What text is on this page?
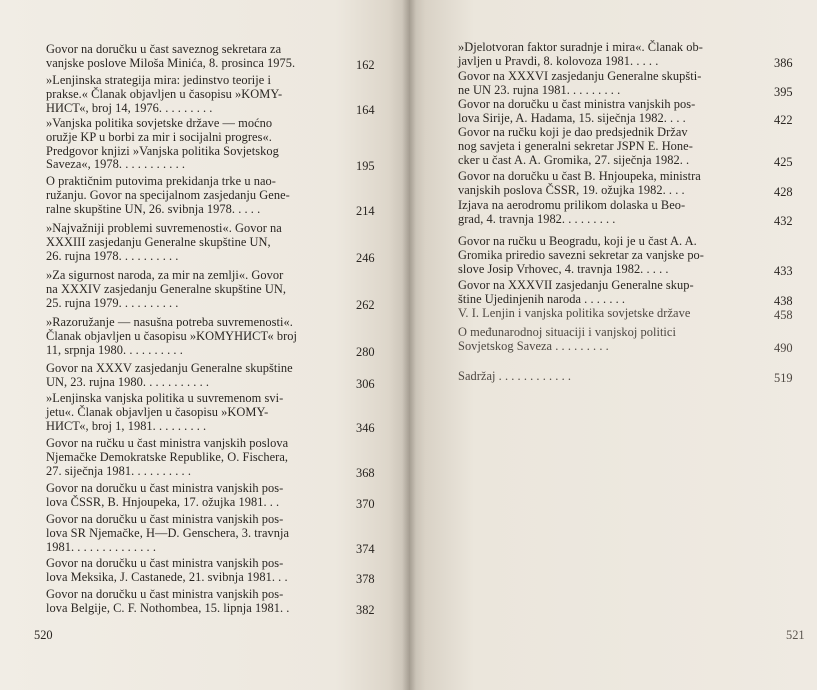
Govor na doručku u čast saveznog sekretara za
vanjske poslove Miloša Minića, 8. prosinca 1975.	162
»Lenjinska strategija mira: jedinstvo teorije i
prakse.« Članak objavljen u časopisu »KOMY-
НИСТ«, broj 14, 1976. . . . . . . . .	164
»Vanjska politika sovjetske države — moćno
oružje KP u borbi za mir i socijalni progres«.
Predgovor knjizi »Vanjska politika Sovjetskog
Saveza«, 1978. . . . . . . . . . .	195
O praktičnim putovima prekidanja trke u nao-
ružanju. Govor na specijalnom zasjedanju Gene-
ralne skupštine UN, 26. svibnja 1978. . . . .	214
»Najvažniji problemi suvremenosti«. Govor na
XXXIII zasjedanju Generalne skupštine UN,
26. rujna 1978. . . . . . . . . .	246
»Za sigurnost naroda, za mir na zemlji«. Govor
na XXXIV zasjedanju Generalne skupštine UN,
25. rujna 1979. . . . . . . . . .	262
»Razoružanje — nasušna potreba suvremenosti«.
Članak objavljen u časopisu »KOMYНИСТ« broj
11, srpnja 1980. . . . . . . . . .	280
Govor na XXXV zasjedanju Generalne skupštine
UN, 23. rujna 1980. . . . . . . . . . .	306
»Lenjinska vanjska politika u suvremenom svi-
jetu«. Članak objavljen u časopisu »KOMY-
НИСТ«, broj 1, 1981. . . . . . . . .	346
Govor na ručku u čast ministra vanjskih poslova
Njemačke Demokratske Republike, O. Fischera,
27. siječnja 1981. . . . . . . . . .	368
Govor na doručku u čast ministra vanjskih pos-
lova ČSSR, B. Hnjoupeka, 17. ožujka 1981. . .	370
Govor na doručku u čast ministra vanjskih pos-
lova SR Njemačke, H—D. Genschera, 3. travnja
1981. . . . . . . . . . . . . .	374
Govor na doručku u čast ministra vanjskih pos-
lova Meksika, J. Castanede, 21. svibnja 1981. . .	378
Govor na doručku u čast ministra vanjskih pos-
lova Belgije, C. F. Nothombea, 15. lipnja 1981. .	382
520
»Djelotvoran faktor suradnje i mira«. Članak ob-
javljen u Pravdi, 8. kolovoza 1981. . . . .	386
Govor na XXXVI zasjedanju Generalne skupšti-
ne UN 23. rujna 1981. . . . . . . . .	395
Govor na doručku u čast ministra vanjskih pos-
lova Sirije, A. Hadama, 15. siječnja 1982. . . .	422
Govor na ručku koji je dao predsjednik Držav
nog savjeta i generalni sekretar JSPN E. Hone-
cker u čast A. A. Gromika, 27. siječnja 1982. .	425
Govor na doručku u čast B. Hnjoupeka, ministra
vanjskih poslova ČSSR, 19. ožujka 1982. . . .	428
Izjava na aerodromu prilikom dolaska u Beo-
grad, 4. travnja 1982. . . . . . . . .	432
Govor na ručku u Beogradu, koji je u čast A. A.
Gromika priredio savezni sekretar za vanjske po-
slove Josip Vrhovec, 4. travnja 1982. . . . .	433
Govor na XXXVII zasjedanju Generalne skup-
štine Ujedinjenih naroda . . . . . . .	438
V. I. Lenjin i vanjska politika sovjetske države	458
O međunarodnoj situaciji i vanjskoj politici
Sovjetskog Saveza . . . . . . . . .	490
Sadržaj . . . . . . . . . . . .	519
521
